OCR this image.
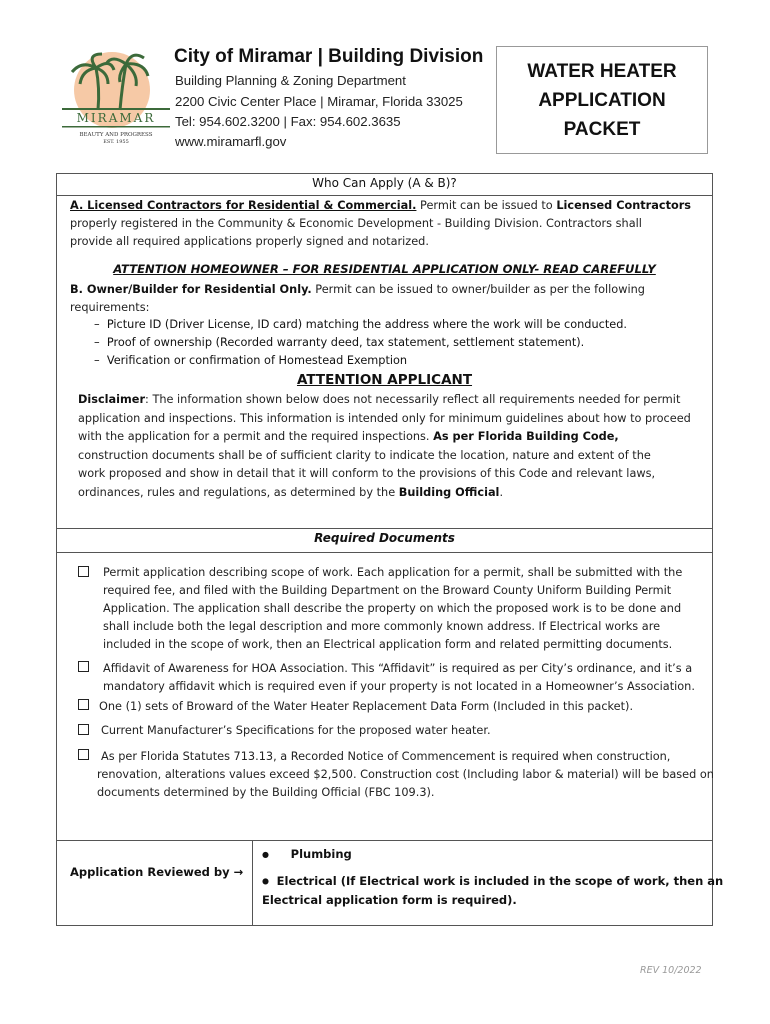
MIRAMAR
BEAUTY AND PROGRESS
EST. 1955
City of Miramar | Building Division
Building Planning & Zoning Department
2200 Civic Center Place | Miramar, Florida 33025
Tel: 954.602.3200 | Fax: 954.602.3635
www.miramarfl.gov
WATER HEATER
APPLICATION
PACKET
Who Can Apply (A & B)?
A. Licensed Contractors for Residential & Commercial. Permit can be issued to Licensed Contractors
properly registered in the Community & Economic Development - Building Division. Contractors shall
provide all required applications properly signed and notarized.
ATTENTION HOMEOWNER – FOR RESIDENTIAL APPLICATION ONLY- READ CAREFULLY
B. Owner/Builder for Residential Only. Permit can be issued to owner/builder as per the following
requirements:
– Picture ID (Driver License, ID card) matching the address where the work will be conducted.
– Proof of ownership (Recorded warranty deed, tax statement, settlement statement).
– Verification or confirmation of Homestead Exemption
ATTENTION APPLICANT
Disclaimer: The information shown below does not necessarily reflect all requirements needed for permit
application and inspections. This information is intended only for minimum guidelines about how to proceed
with the application for a permit and the required inspections. As per Florida Building Code,
construction documents shall be of sufficient clarity to indicate the location, nature and extent of the
work proposed and show in detail that it will conform to the provisions of this Code and relevant laws,
ordinances, rules and regulations, as determined by the Building Official.
Required Documents
Permit application describing scope of work. Each application for a permit, shall be submitted with the
required fee, and filed with the Building Department on the Broward County Uniform Building Permit
Application. The application shall describe the property on which the proposed work is to be done and
shall include both the legal description and more commonly known address. If Electrical works are
included in the scope of work, then an Electrical application form and related permitting documents.
Affidavit of Awareness for HOA Association. This “Affidavit” is required as per City’s ordinance, and it’s a
mandatory affidavit which is required even if your property is not located in a Homeowner’s Association.
One (1) sets of Broward of the Water Heater Replacement Data Form (Included in this packet).
Current Manufacturer’s Specifications for the proposed water heater.
As per Florida Statutes 713.13, a Recorded Notice of Commencement is required when construction,
renovation, alterations values exceed $2,500. Construction cost (Including labor & material) will be based on
documents determined by the Building Official (FBC 109.3).
Application Reviewed by →
● Plumbing
● Electrical (If Electrical work is included in the scope of work, then an
Electrical application form is required).
REV 10/2022
